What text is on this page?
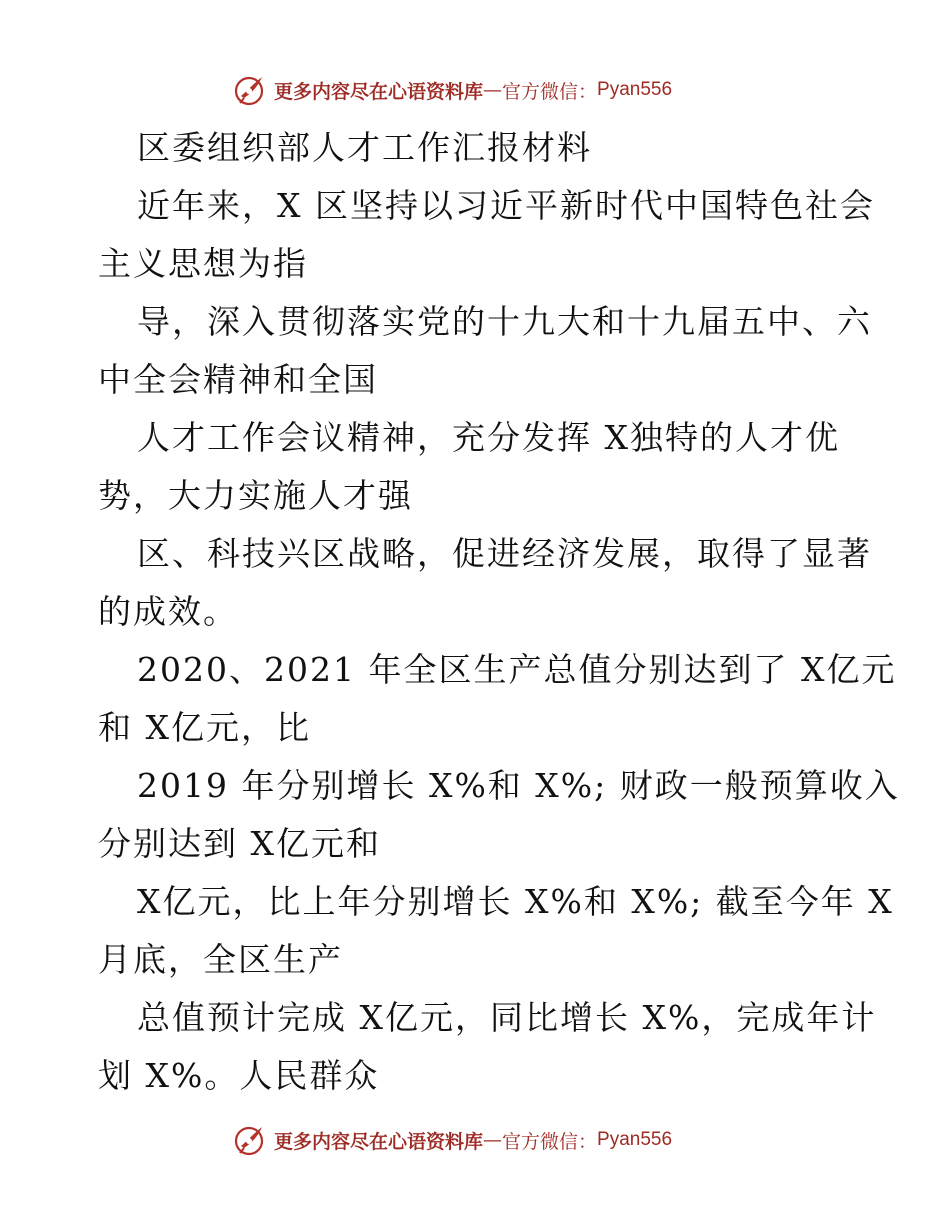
更多内容尽在心语资料库 — 官方微信： Pyan556

区委组织部人才工作汇报材料

近年来，X 区坚持以习近平新时代中国特色社会

主义思想为指

导，深入贯彻落实党的十九大和十九届五中、六

中全会精神和全国

人才工作会议精神，充分发挥 X独特的人才优

势，大力实施人才强

区、科技兴区战略，促进经济发展，取得了显著

的成效。

2020、2021 年全区生产总值分别达到了 X亿元

和 X亿元，比

2019 年分别增长 X%和 X%; 财政一般预算收入

分别达到 X亿元和

X亿元，比上年分别增长 X%和 X%; 截至今年 X

月底，全区生产

总值预计完成 X亿元，同比增长 X%，完成年计

划 X%。人民群众

更多内容尽在心语资料库 — 官方微信： Pyan556
